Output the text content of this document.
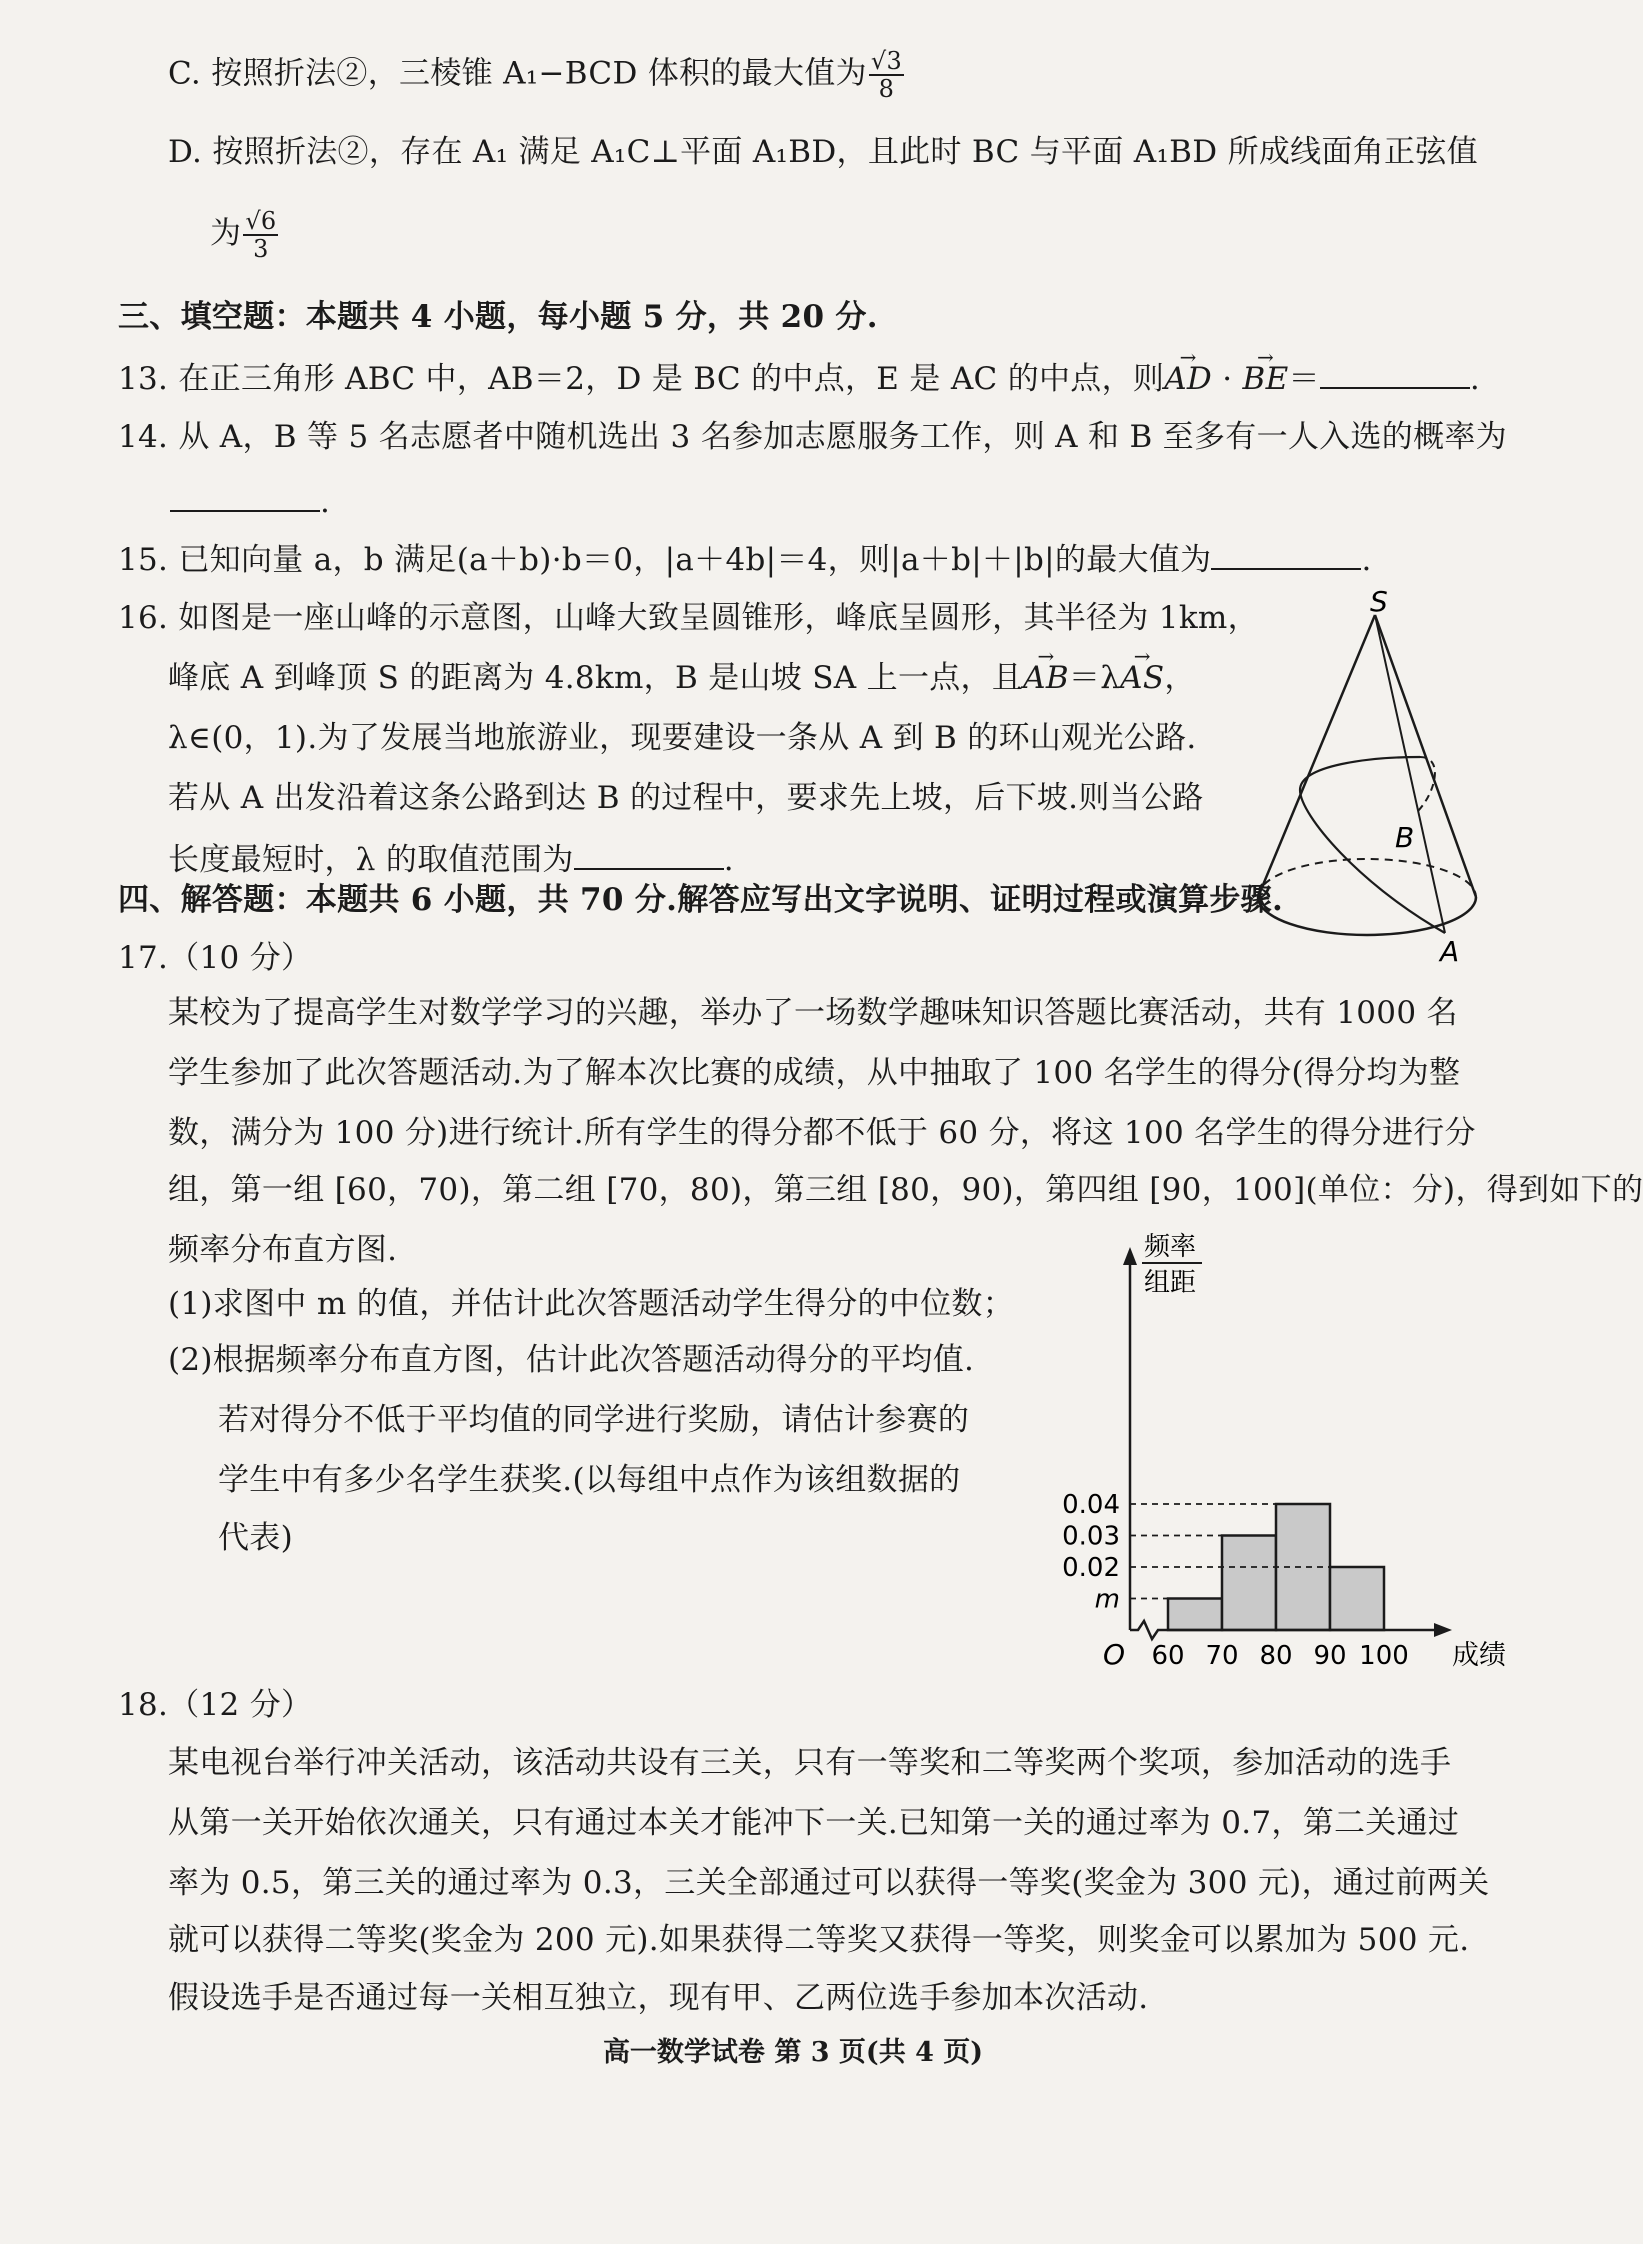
C. 按照折法②，三棱锥 A₁−BCD 体积的最大值为 $\frac{√3}{8}$
D. 按照折法②，存在 A₁ 满足 A₁C⊥平面 A₁BD，且此时 BC 与平面 A₁BD 所成线面角正弦值
为 $\frac{√6}{3}$
三、填空题：本题共 4 小题，每小题 5 分，共 20 分.
13. 在正三角形 ABC 中，AB＝2，D 是 BC 的中点，E 是 AC 的中点，则→ AD · → BE＝	.
14. 从 A，B 等 5 名志愿者中随机选出 3 名参加志愿服务工作，则 A 和 B 至多有一人入选的概率为
.
15. 已知向量 a，b 满足(a＋b)·b＝0，|a＋4b|＝4，则|a＋b|＋|b|的最大值为	.
16. 如图是一座山峰的示意图，山峰大致呈圆锥形，峰底呈圆形，其半径为 1km，
峰底 A 到峰顶 S 的距离为 4.8km，B 是山坡 SA 上一点，且→ AB＝λ→ AS，
λ∈(0，1).为了发展当地旅游业，现要建设一条从 A 到 B 的环山观光公路.
若从 A 出发沿着这条公路到达 B 的过程中，要求先上坡，后下坡.则当公路
长度最短时，λ 的取值范围为	.
S
B
A
四、解答题：本题共 6 小题，共 70 分.解答应写出文字说明、证明过程或演算步骤.
17.（10 分）
某校为了提高学生对数学学习的兴趣，举办了一场数学趣味知识答题比赛活动，共有 1000 名
学生参加了此次答题活动.为了解本次比赛的成绩，从中抽取了 100 名学生的得分(得分均为整
数，满分为 100 分)进行统计.所有学生的得分都不低于 60 分，将这 100 名学生的得分进行分
组，第一组 [60，70)，第二组 [70，80)，第三组 [80，90)，第四组 [90，100](单位：分)，得到如下的
频率分布直方图.
(1)求图中 m 的值，并估计此次答题活动学生得分的中位数；
(2)根据频率分布直方图，估计此次答题活动得分的平均值.
若对得分不低于平均值的同学进行奖励，请估计参赛的
学生中有多少名学生获奖.(以每组中点作为该组数据的
代表)
m
0.02
0.03
0.04
60 70 80 90 100
O	成绩
频率
组距
18.（12 分）
某电视台举行冲关活动，该活动共设有三关，只有一等奖和二等奖两个奖项，参加活动的选手
从第一关开始依次通关，只有通过本关才能冲下一关.已知第一关的通过率为 0.7，第二关通过
率为 0.5，第三关的通过率为 0.3，三关全部通过可以获得一等奖(奖金为 300 元)，通过前两关
就可以获得二等奖(奖金为 200 元).如果获得二等奖又获得一等奖，则奖金可以累加为 500 元.
假设选手是否通过每一关相互独立，现有甲、乙两位选手参加本次活动.
高一数学试卷 第 3 页(共 4 页)
